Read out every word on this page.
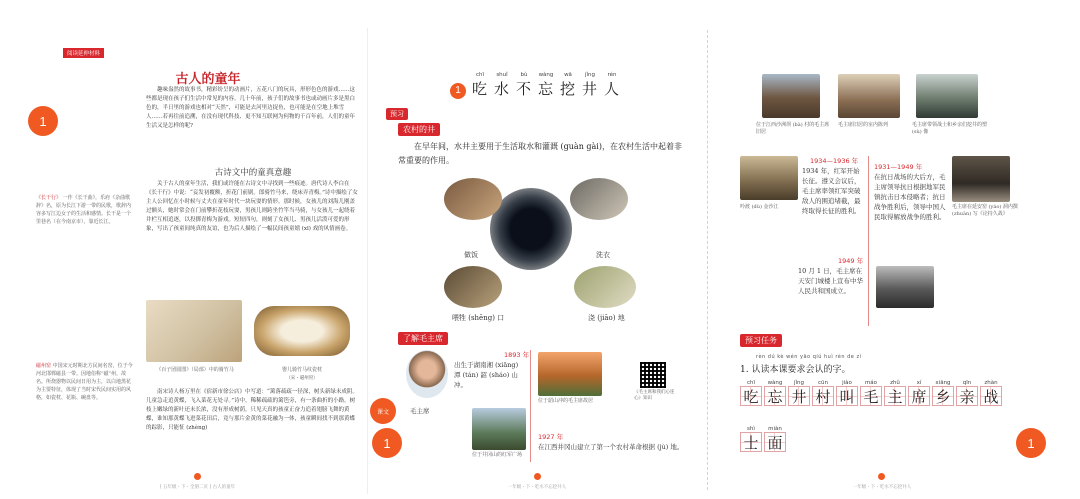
阅读延伸材料
古人的童年
趣味盎然的故事书，精彩纷呈的动画片，五花八门的玩具，形形色色的游戏……这些都是现在孩子们生活中常见的内容。几十年前，孩子们的故事书也或动画片多是黑白色的，半日里的游戏也相对“天然”，可能是去河里边捉鱼，也可能是在空地上堆雪人……若再往前追溯，在没有现代科技、更不知互联网为何物的千百年前，人们的童年生活又是怎样的呢?
古诗文中的童真意趣
关于古人的童年生活，我们或许能在古诗文中寻找到一些痕迹。唐代诗人李白在《长干行》中说：“妾发初覆额，折花门前剧。郎骑竹马来，绕床弄青梅。”诗中描绘了女主人公回忆在小时候与丈夫在童年时代一块玩耍的情形。那时候，女孩儿的刘海儿刚盖过额头，她时常会在门前攀折花枝玩耍，男孩儿则跨坐竹竿当马骑，与女孩儿一起绕着井栏互相追逐，以投掷青梅为游戏。短短四句，则刻了女孩儿、男孩儿活泼可爱的形象，写出了孩童间纯真的友谊，也为后人描绘了一幅民间孩童嬉 (xī) 戏的风情画卷。
《长干行》 一作《长干曲》，乐府《杂曲歌辞》名，原为长江下游一带的民歌，歌辞内容多写江边女子的生活和感情。长干是一个里巷名（在今南京市），靠近长江。
《百子团圆图》（局部）中的骑竹马	婴儿骑竹马纹瓷枕
（宋・磁州窑）
磁州窑 中国宋元时期北方民间名窑，位于今河北邯郸磁县一带。因地俗称“磁”州，故名。所烧器物以民间日用为主，以白地黑花为主要特征，体现了当时宋代民间实用的风格，如瓷枕、花瓶、碗盘等。
南宋诗人杨万里在《宿新市徐公店》中写道：“篱落疏疏一径深，树头新绿未成阴。儿童急走追黄蝶，飞入菜花无处寻。”诗中，稀稀疏疏的篱笆旁，有一条曲折的小路。树枝上嫩绿的新叶还未长浓，没有形成树荫。只见天真的孩童正奋力追着翅膀飞舞的黄蝶，谁知那黄蝶飞进菜花田后，竟与那片金黄的菜花融为一体，孩童瞬间找不到那黄蝶的踪影，只能怔 (zhèng)
[ 五年级・下・全册二页 ] 古人的童年
1
1
chī
吃
shuǐ
水
bù
不
wàng
忘
wā
挖
jǐng
井
rén
人
预习
农村的井
在早年间，水井主要用于生活取水和灌溉 (guàn gài)，在农村生活中起着非常重要的作用。
做饭	洗衣
喂牲 (shēng) 口	浇 (jiāo) 地
了解毛主席
毛主席
1893 年
出生于湖南湘 (xiāng) 潭 (tán) 韶 (sháo) 山冲。
位于韶山冲的毛主席故居
《毛主席和我们心连心》知识
位于井冈山的红军广场
1927 年
在江西井冈山建立了第一个农村革命根据 (jù) 地。
一年级・下・吃水不忘挖井人
课文
1
位于江西沙洲坝 (bà) 村的毛主席旧居
毛主席旧居的室内陈列	毛主席带领战士和乡亲们挖井的塑 (sù) 像
吟渡 (dù) 金沙江
1934—1936 年
1934 年，红军开始长征。遵义会议后，毛主席率领红军突破敌人的围追堵截，最终取得长征的胜利。
1931—1949 年
在抗日战场的大后方，毛主席领导抗日根据地军民镇抗击日本侵略者；抗日战争胜利后，领导中国人民取得解放战争的胜利。
毛主席在延安窑 (yáo) 洞内撰 (zhuàn) 写《论持久战》
1949 年
10 月 1 日，毛主席在天安门城楼上宣布中华人民共和国成立。
预习任务
rèn dú kè wén yāo qiú huì rèn de zì
1. 认读本课要求会认的字。
chī	wàng	jǐng	cūn	jiào	máo	zhǔ	xí	xiāng	qīn	zhàn
吃 忘 井 村 叫 毛 主 席 乡 亲 战
shì	miàn
士 面
一年级・下・吃水不忘挖井人
1
